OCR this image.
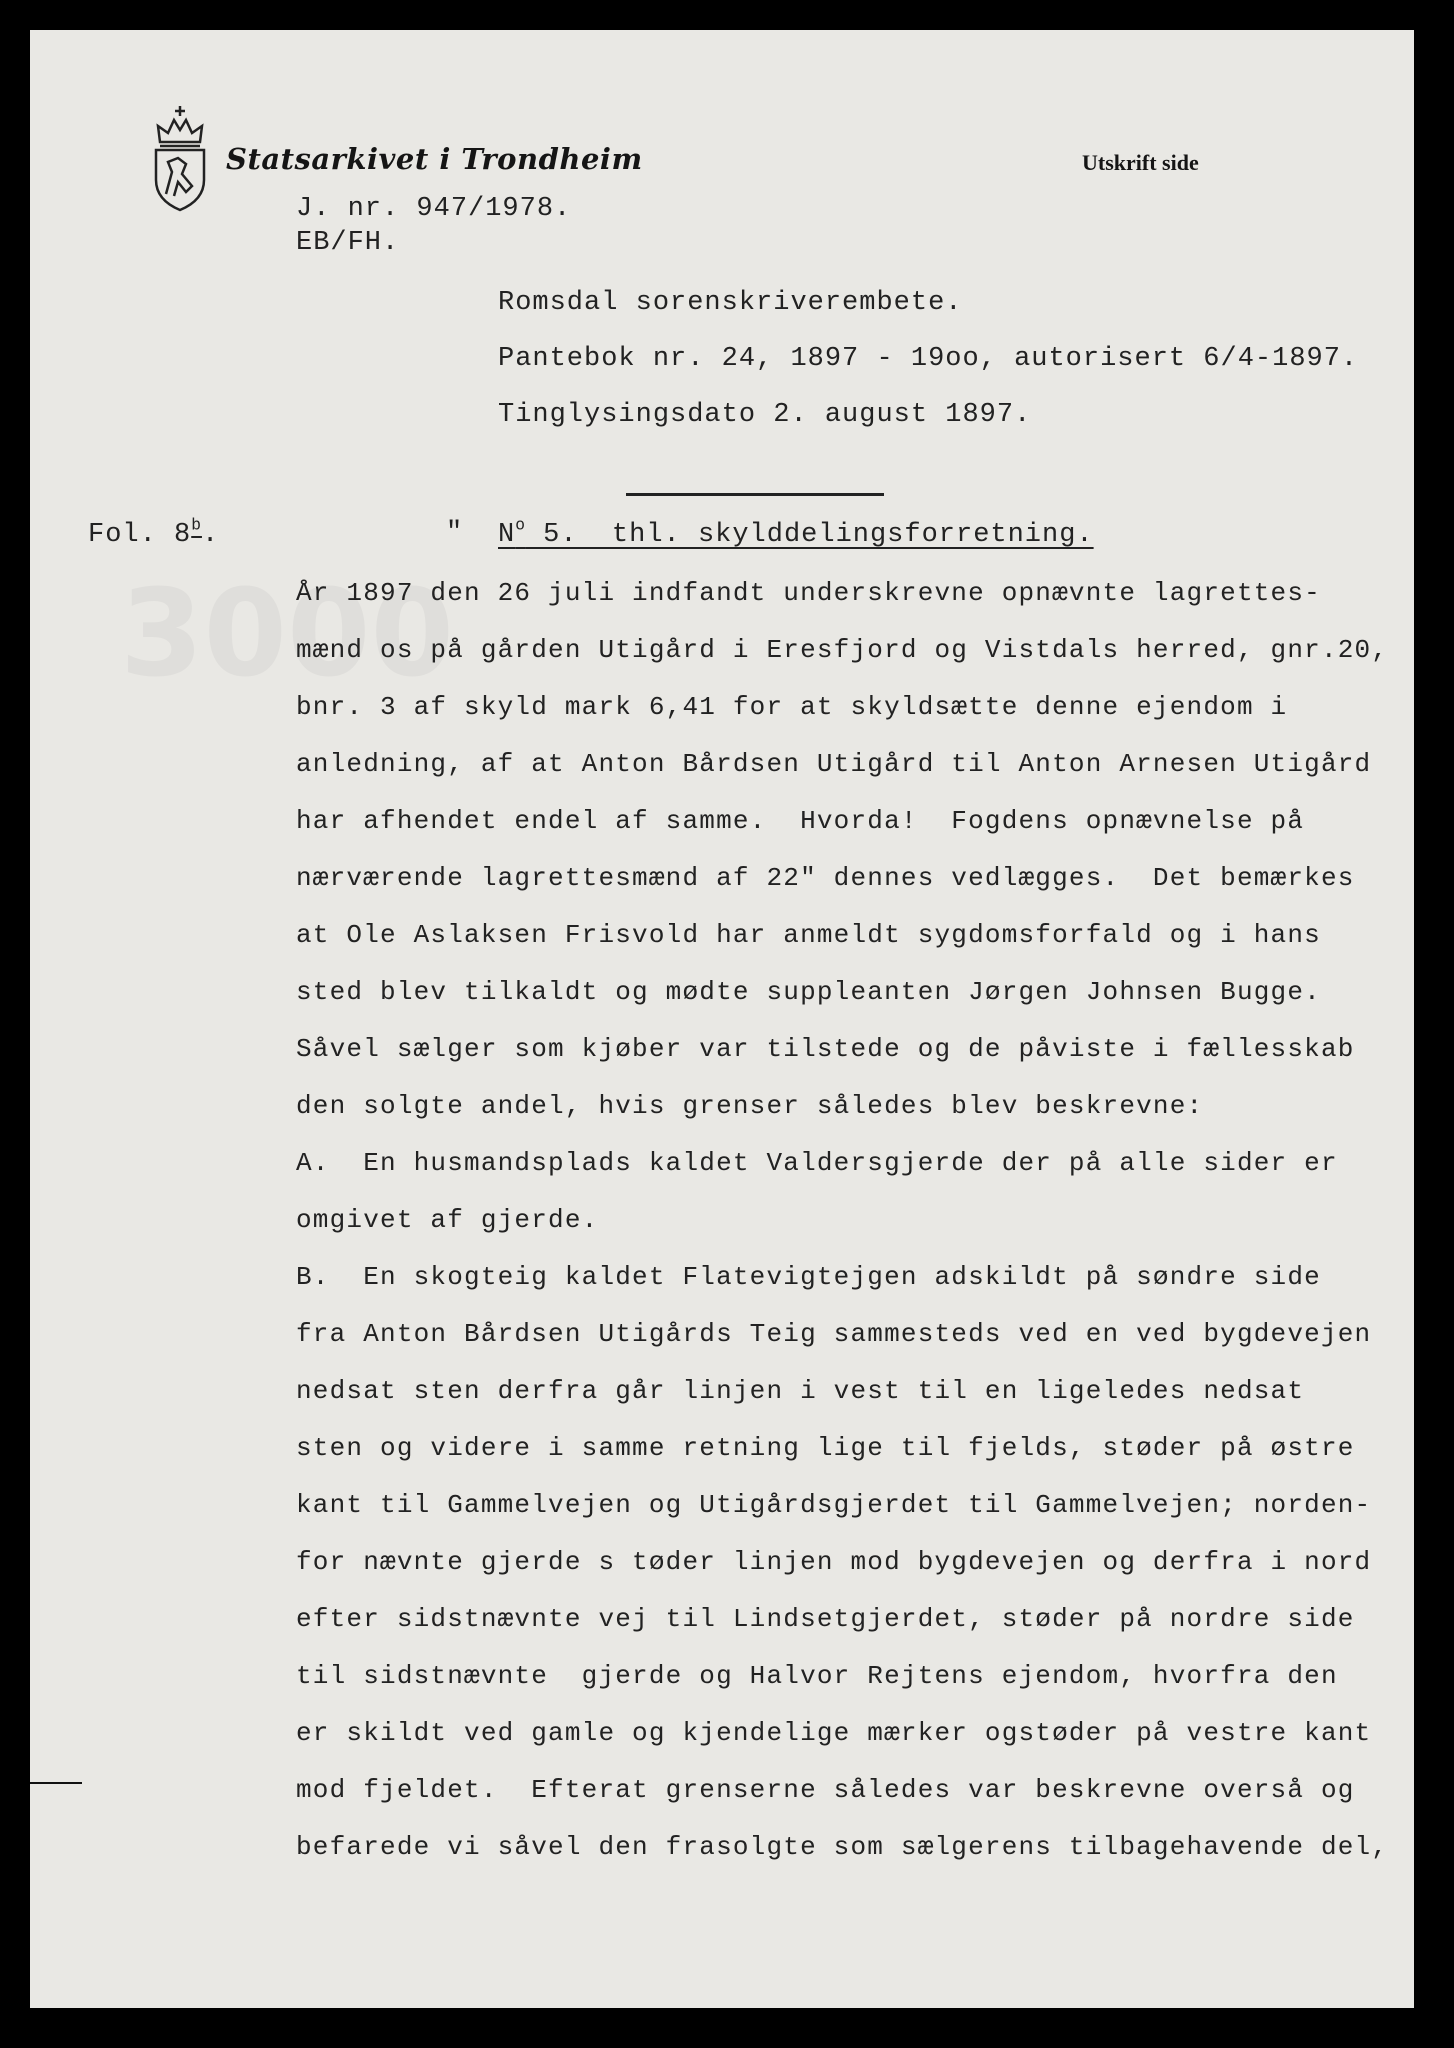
3000
Statsarkivet i Trondheim	Utskrift side
J. nr. 947/1978.
EB/FH.
Romsdal sorenskriverembete.
Pantebok nr. 24, 1897 - 19oo, autorisert 6/4-1897.
Tinglysingsdato 2. august 1897.
Fol. 8$^b$.	" $N^o$ 5.  thl. skylddelingsforretning.
År 1897 den 26 juli indfandt underskrevne opnævnte lagrettes-
mænd os på gården Utigård i Eresfjord og Vistdals herred, gnr.20,
bnr. 3 af skyld mark 6,41 for at skyldsætte denne ejendom i
anledning, af at Anton Bårdsen Utigård til Anton Arnesen Utigård
har afhendet endel af samme.  Hvorda!  Fogdens opnævnelse på
nærværende lagrettesmænd af 22" dennes vedlægges.  Det bemærkes
at Ole Aslaksen Frisvold har anmeldt sygdomsforfald og i hans
sted blev tilkaldt og mødte suppleanten Jørgen Johnsen Bugge.
Såvel sælger som kjøber var tilstede og de påviste i fællesskab
den solgte andel, hvis grenser således blev beskrevne:
A.  En husmandsplads kaldet Valdersgjerde der på alle sider er
omgivet af gjerde.
B.  En skogteig kaldet Flatevigtejgen adskildt på søndre side
fra Anton Bårdsen Utigårds Teig sammesteds ved en ved bygdevejen
nedsat sten derfra går linjen i vest til en ligeledes nedsat
sten og videre i samme retning lige til fjelds, støder på østre
kant til Gammelvejen og Utigårdsgjerdet til Gammelvejen; norden-
for nævnte gjerde s tøder linjen mod bygdevejen og derfra i nord
efter sidstnævnte vej til Lindsetgjerdet, støder på nordre side
til sidstnævnte  gjerde og Halvor Rejtens ejendom, hvorfra den
er skildt ved gamle og kjendelige mærker ogstøder på vestre kant
mod fjeldet.  Efterat grenserne således var beskrevne overså og
befarede vi såvel den frasolgte som sælgerens tilbagehavende del,
